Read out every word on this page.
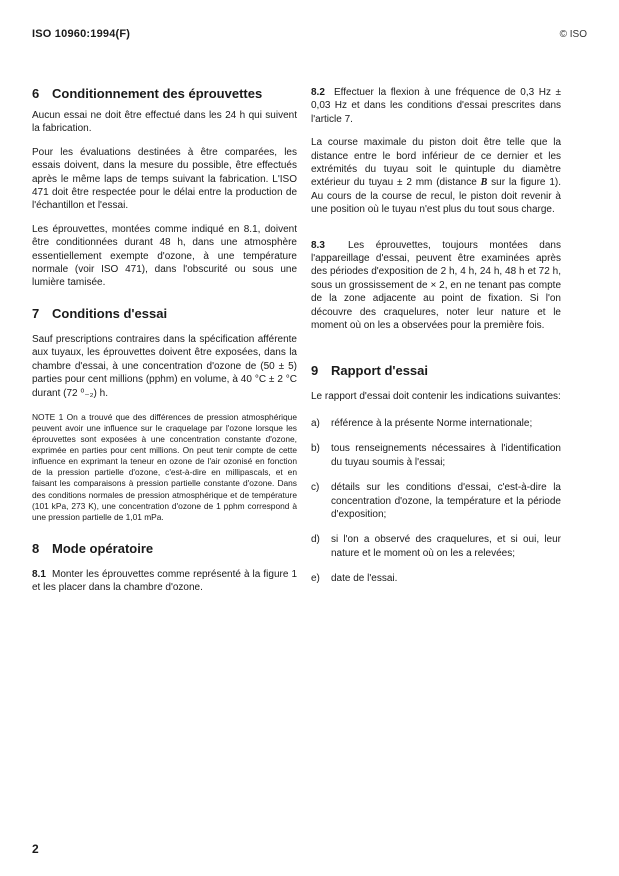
ISO 10960:1994(F)	© ISO
6 Conditionnement des éprouvettes

Aucun essai ne doit être effectué dans les 24 h qui suivent la fabrication.

Pour les évaluations destinées à être comparées, les essais doivent, dans la mesure du possible, être effectués après le même laps de temps suivant la fabrication. L'ISO 471 doit être respectée pour le délai entre la production de l'échantillon et l'essai.

Les éprouvettes, montées comme indiqué en 8.1, doivent être conditionnées durant 48 h, dans une atmosphère essentiellement exempte d'ozone, à une température normale (voir ISO 471), dans l'obscurité ou sous une lumière tamisée.

7 Conditions d'essai

Sauf prescriptions contraires dans la spécification afférente aux tuyaux, les éprouvettes doivent être exposées, dans la chambre d'essai, à une concentration d'ozone de (50 ± 5) parties pour cent millions (pphm) en volume, à 40 °C ± 2 °C durant (72 ⁰₋₂) h.

NOTE 1 On a trouvé que des différences de pression atmosphérique peuvent avoir une influence sur le craquelage par l'ozone lorsque les éprouvettes sont exposées à une concentration constante d'ozone, exprimée en parties pour cent millions. On peut tenir compte de cette influence en exprimant la teneur en ozone de l'air ozonisé en fonction de la pression partielle d'ozone, c'est-à-dire en millipascals, et en faisant les comparaisons à pression partielle constante d'ozone. Dans des conditions normales de pression atmosphérique et de température (101 kPa, 273 K), une concentration d'ozone de 1 pphm correspond à une pression partielle de 1,01 mPa.

8 Mode opératoire

8.1 Monter les éprouvettes comme représenté à la figure 1 et les placer dans la chambre d'ozone.

8.2 Effectuer la flexion à une fréquence de 0,3 Hz ± 0,03 Hz et dans les conditions d'essai prescrites dans l'article 7.

La course maximale du piston doit être telle que la distance entre le bord inférieur de ce dernier et les extrémités du tuyau soit le quintuple du diamètre extérieur du tuyau ± 2 mm (distance B sur la figure 1). Au cours de la course de recul, le piston doit revenir à une position où le tuyau n'est plus du tout sous charge.

8.3 Les éprouvettes, toujours montées dans l'appareillage d'essai, peuvent être examinées après des périodes d'exposition de 2 h, 4 h, 24 h, 48 h et 72 h, sous un grossissement de × 2, en ne tenant pas compte de la zone adjacente au point de fixation. Si l'on découvre des craquelures, noter leur nature et le moment où on les a observées pour la première fois.

9 Rapport d'essai

Le rapport d'essai doit contenir les indications suivantes:

a) référence à la présente Norme internationale;
b) tous renseignements nécessaires à l'identification du tuyau soumis à l'essai;
c) détails sur les conditions d'essai, c'est-à-dire la concentration d'ozone, la température et la période d'exposition;
d) si l'on a observé des craquelures, et si oui, leur nature et le moment où on les a relevées;
e) date de l'essai.
2
